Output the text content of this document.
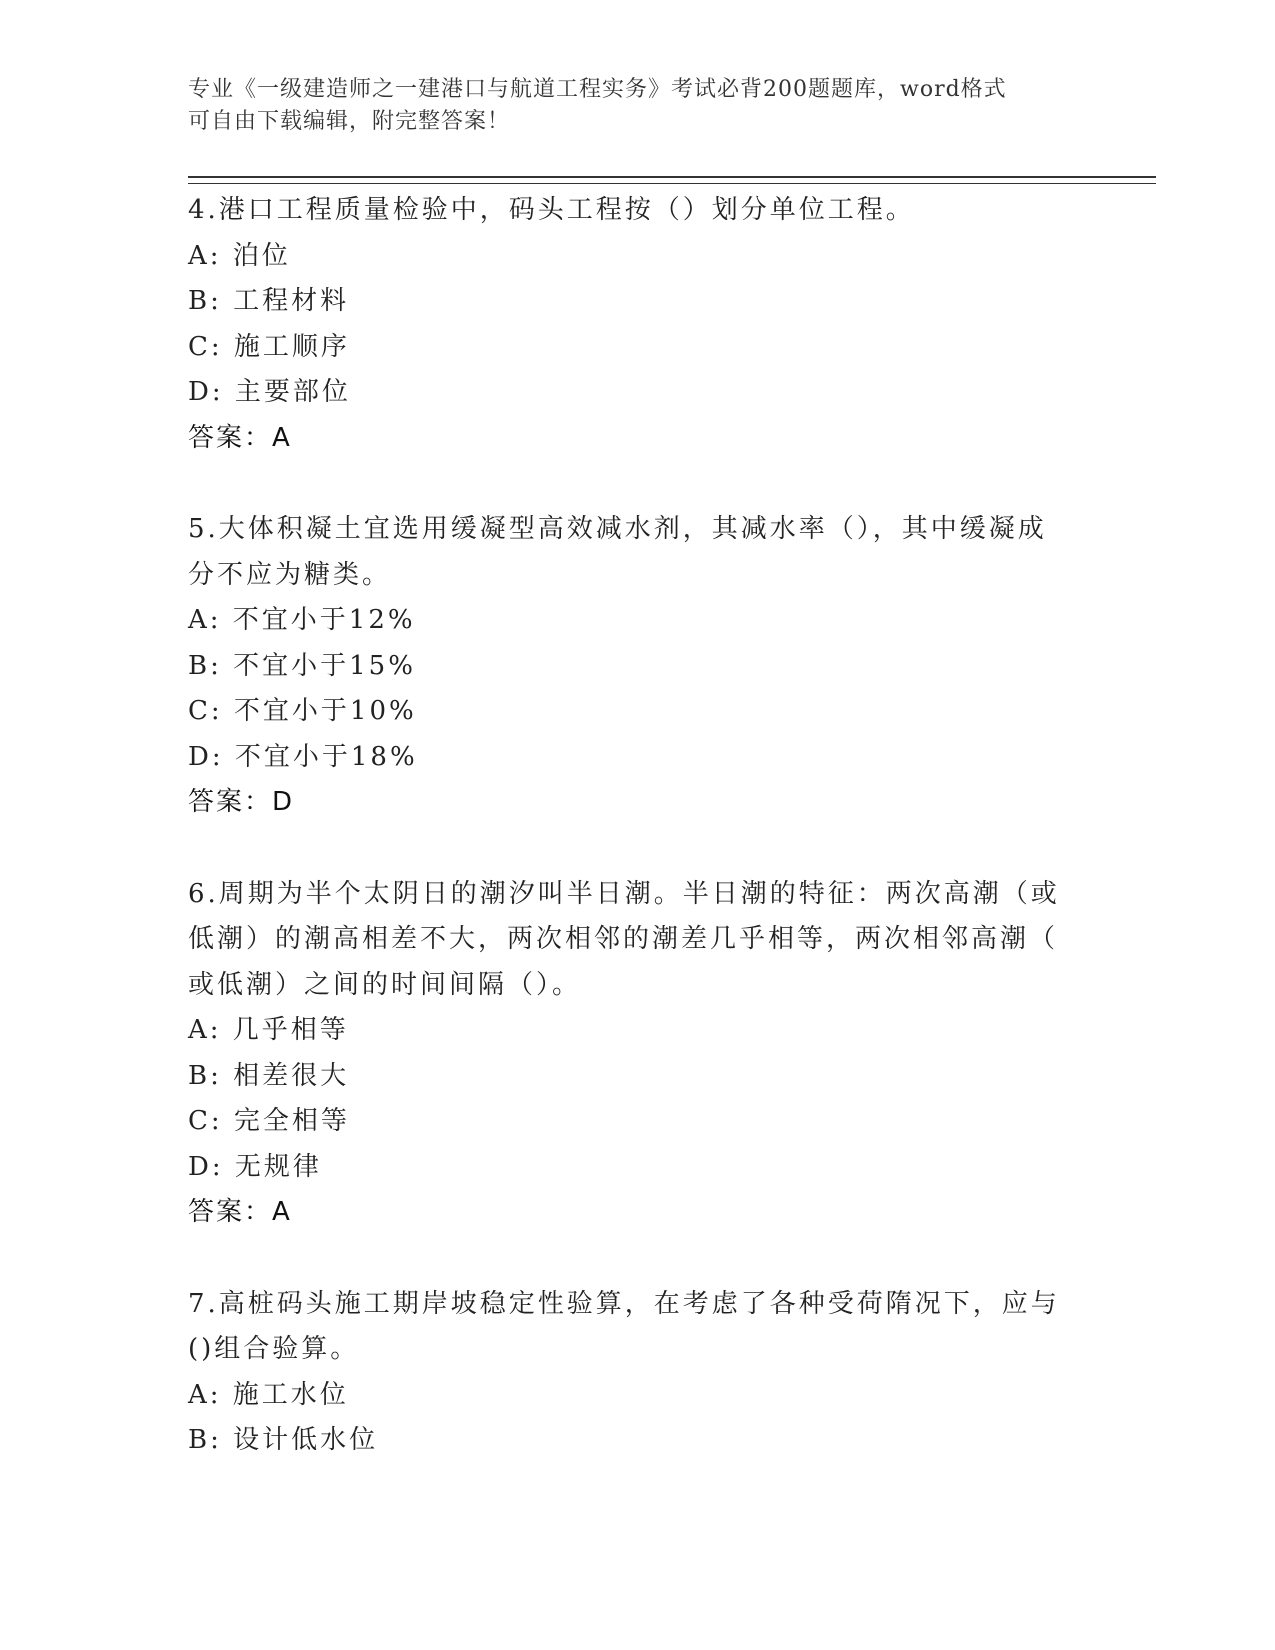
专业《一级建造师之一建港口与航道工程实务》考试必背200题题库，word格式
可自由下载编辑，附完整答案！
4.港口工程质量检验中，码头工程按（）划分单位工程。
A: 泊位
B: 工程材料
C: 施工顺序
D: 主要部位
答案：A
5.大体积凝土宜选用缓凝型高效减水剂，其减水率（），其中缓凝成
分不应为糖类。
A: 不宜小于12%
B: 不宜小于15%
C: 不宜小于10%
D: 不宜小于18%
答案：D
6.周期为半个太阴日的潮汐叫半日潮。半日潮的特征：两次高潮（或
低潮）的潮高相差不大，两次相邻的潮差几乎相等，两次相邻高潮（
或低潮）之间的时间间隔（）。
A: 几乎相等
B: 相差很大
C: 完全相等
D: 无规律
答案：A
7.高桩码头施工期岸坡稳定性验算，在考虑了各种受荷隋况下，应与
()组合验算。
A: 施工水位
B: 设计低水位
